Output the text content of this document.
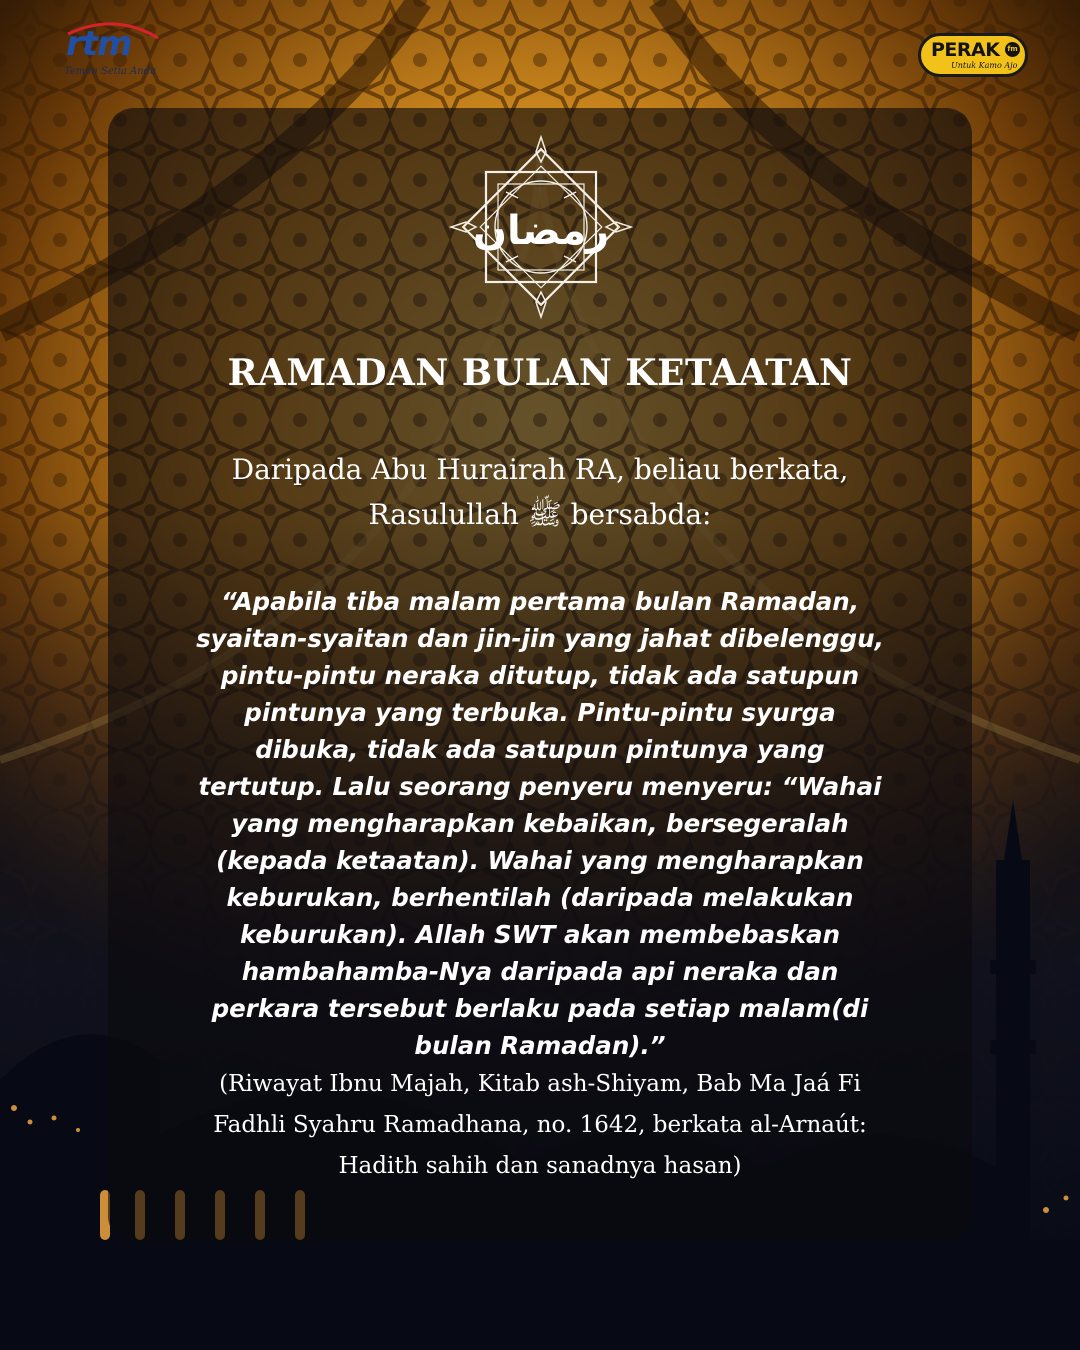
rtm
Teman Setia Anda
PERAK	fm
Untuk Kamo Ajo
رمضان
RAMADAN BULAN KETAATAN

Daripada Abu Hurairah RA, beliau berkata, Rasulullah ﷺ bersabda:

“Apabila tiba malam pertama bulan Ramadan, syaitan-syaitan dan jin-jin yang jahat dibelenggu, pintu-pintu neraka ditutup, tidak ada satupun pintunya yang terbuka. Pintu-pintu syurga dibuka, tidak ada satupun pintunya yang tertutup. Lalu seorang penyeru menyeru: “Wahai yang mengharapkan kebaikan, bersegeralah (kepada ketaatan). Wahai yang mengharapkan keburukan, berhentilah (daripada melakukan keburukan). Allah SWT akan membebaskan hambahamba-Nya daripada api neraka dan perkara tersebut berlaku pada setiap malam(di bulan Ramadan).”

(Riwayat Ibnu Majah, Kitab ash-Shiyam, Bab Ma Jaá Fi Fadhli Syahru Ramadhana, no. 1642, berkata al-Arnaút: Hadith sahih dan sanadnya hasan)
